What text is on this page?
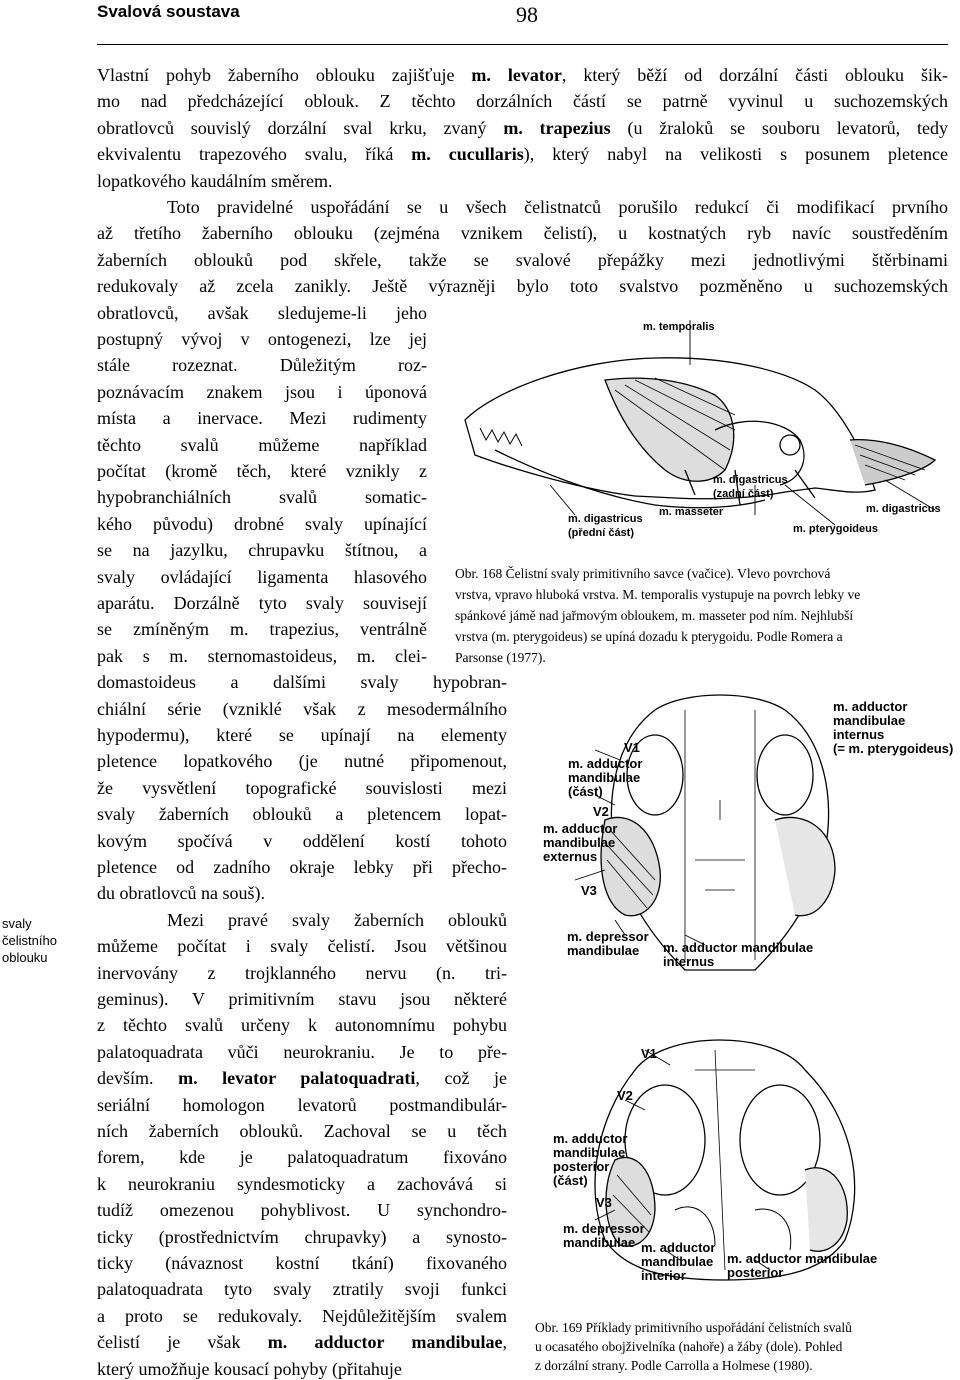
Svalová soustava	98
svaly
čelistního
oblouku
Vlastní pohyb žaberního oblouku zajišťuje m. levator, který běží od dorzální části oblouku šik-
mo nad předcházející oblouk. Z těchto dorzálních částí se patrně vyvinul u suchozemských
obratlovců souvislý dorzální sval krku, zvaný m. trapezius (u žraloků se souboru levatorů, tedy
ekvivalentu trapezového svalu, říká m. cucullaris), který nabyl na velikosti s posunem pletence
lopatkového kaudálním směrem.
Toto pravidelné uspořádání se u všech čelistnatců porušilo redukcí či modifikací prvního
až třetího žaberního oblouku (zejména vznikem čelistí), u kostnatých ryb navíc soustředěním
žaberních oblouků pod skřele, takže se svalové přepážky mezi jednotlivými štěrbinami
redukovaly až zcela zanikly. Ještě výrazněji bylo toto svalstvo pozměněno u suchozemských
obratlovců, avšak sledujeme-li jeho
postupný vývoj v ontogenezi, lze jej
stále rozeznat. Důležitým roz-
poznávacím znakem jsou i úponová
místa a inervace. Mezi rudimenty
těchto svalů můžeme například
počítat (kromě těch, které vznikly z
hypobranchiálních svalů somatic-
kého původu) drobné svaly upínající
se na jazylku, chrupavku štítnou, a
svaly ovládající ligamenta hlasového
aparátu. Dorzálně tyto svaly souvisejí
se zmíněným m. trapezius, ventrálně
pak s m. sternomastoideus, m. clei-
domastoideus a dalšími svaly hypobran-
chiální série (vzniklé však z mesodermálního
hypodermu), které se upínají na elementy
pletence lopatkového (je nutné připomenout,
že vysvětlení topografické souvislosti mezi
svaly žaberních oblouků a pletencem lopat-
kovým spočívá v oddělení kostí tohoto
pletence od zadního okraje lebky při přecho-
du obratlovců na souš).
Mezi pravé svaly žaberních oblouků
můžeme počítat i svaly čelistí. Jsou většinou
inervovány z trojklanného nervu (n. tri-
geminus). V primitivním stavu jsou některé
z těchto svalů určeny k autonomnímu pohybu
palatoquadrata vůči neurokraniu. Je to pře-
devším. m. levator palatoquadrati, což je
seriální homologon levatorů postmandibulár-
ních žaberních oblouků. Zachoval se u těch
forem, kde je palatoquadratum fixováno
k neurokraniu syndesmoticky a zachovává si
tudíž omezenou pohyblivost. U synchondro-
ticky (prostřednictvím chrupavky) a synosto-
ticky (návaznost kostní tkání) fixovaného
palatoquadrata tyto svaly ztratily svoji funkci
a proto se redukovaly. Nejdůležitějším svalem
čelistí je však m. adductor mandibulae,
který umožňuje kousací pohyby (přitahuje
m. temporalis
m. digastricus
(zadní část)
m. masseter	m. digastricus
m. digastricus
(přední část)	m. pterygoideus
Obr. 168 Čelistní svaly primitivního savce (vačice). Vlevo povrchová
vrstva, vpravo hluboká vrstva. M. temporalis vystupuje na povrch lebky ve
spánkové jámě nad jařmovým obloukem, m. masseter pod ním. Nejhlubší
vrstva (m. pterygoideus) se upíná dozadu k pterygoidu. Podle Romera a
Parsonse (1977).
m. adductor
mandibulae
internus
(= m. pterygoideus)
V1
m. adductor
mandibulae
(část)
V2
m. adductor
mandibulae
externus
V3
m. depressor
mandibulae	m. adductor mandibulae
internus
V1
V2
m. adductor
mandibulae
posterior
(část)
V3
m. depressor
mandibulae m. adductor
mandibulae
interior
m. adductor mandibulae
posterior
Obr. 169 Příklady primitivního uspořádání čelistních svalů
u ocasatého obojživelníka (nahoře) a žáby (dole). Pohled
z dorzální strany. Podle Carrolla a Holmese (1980).
